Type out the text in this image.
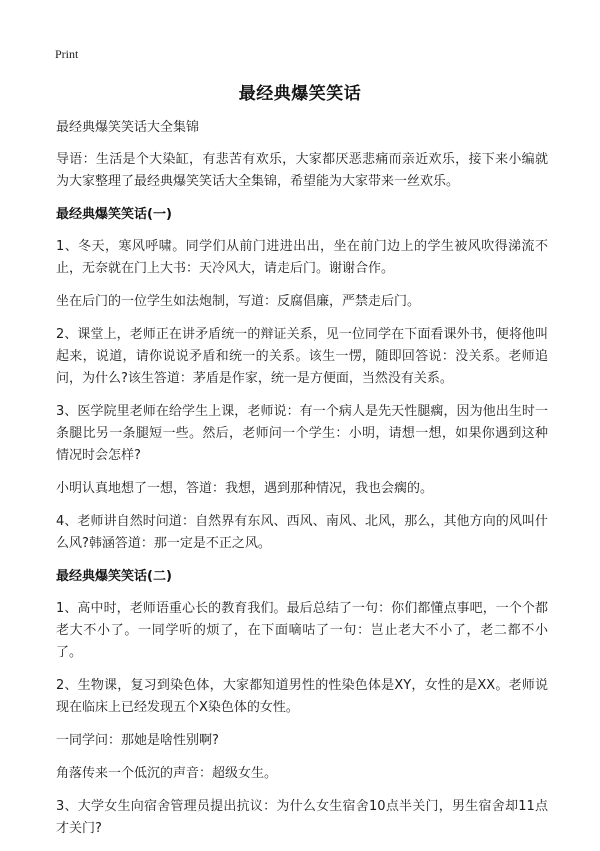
Print
最经典爆笑笑话

最经典爆笑笑话大全集锦

导语：生活是个大染缸，有悲苦有欢乐，大家都厌恶悲痛而亲近欢乐，接下来小编就为大家整理了最经典爆笑笑话大全集锦，希望能为大家带来一丝欢乐。

最经典爆笑笑话(一)

1、冬天，寒风呼啸。同学们从前门进进出出，坐在前门边上的学生被风吹得涕流不止，无奈就在门上大书：天冷风大，请走后门。谢谢合作。

坐在后门的一位学生如法炮制，写道：反腐倡廉，严禁走后门。

2、课堂上，老师正在讲矛盾统一的辩证关系，见一位同学在下面看课外书，便将他叫起来，说道，请你说说矛盾和统一的关系。该生一愣，随即回答说：没关系。老师追问，为什么?该生答道：茅盾是作家，统一是方便面，当然没有关系。

3、医学院里老师在给学生上课，老师说：有一个病人是先天性腿瘸，因为他出生时一条腿比另一条腿短一些。然后，老师问一个学生：小明，请想一想，如果你遇到这种情况时会怎样?

小明认真地想了一想，答道：我想，遇到那种情况，我也会瘸的。

4、老师讲自然时问道：自然界有东风、西风、南风、北风，那么，其他方向的风叫什么风?韩涵答道：那一定是不正之风。

最经典爆笑笑话(二)

1、高中时，老师语重心长的教育我们。最后总结了一句：你们都懂点事吧，一个个都老大不小了。一同学听的烦了，在下面嘀咕了一句：岂止老大不小了，老二都不小了。

2、生物课，复习到染色体，大家都知道男性的性染色体是XY，女性的是XX。老师说现在临床上已经发现五个X染色体的女性。

一同学问：那她是啥性别啊?

角落传来一个低沉的声音：超级女生。

3、大学女生向宿舍管理员提出抗议：为什么女生宿舍10点半关门，男生宿舍却11点才关门?
